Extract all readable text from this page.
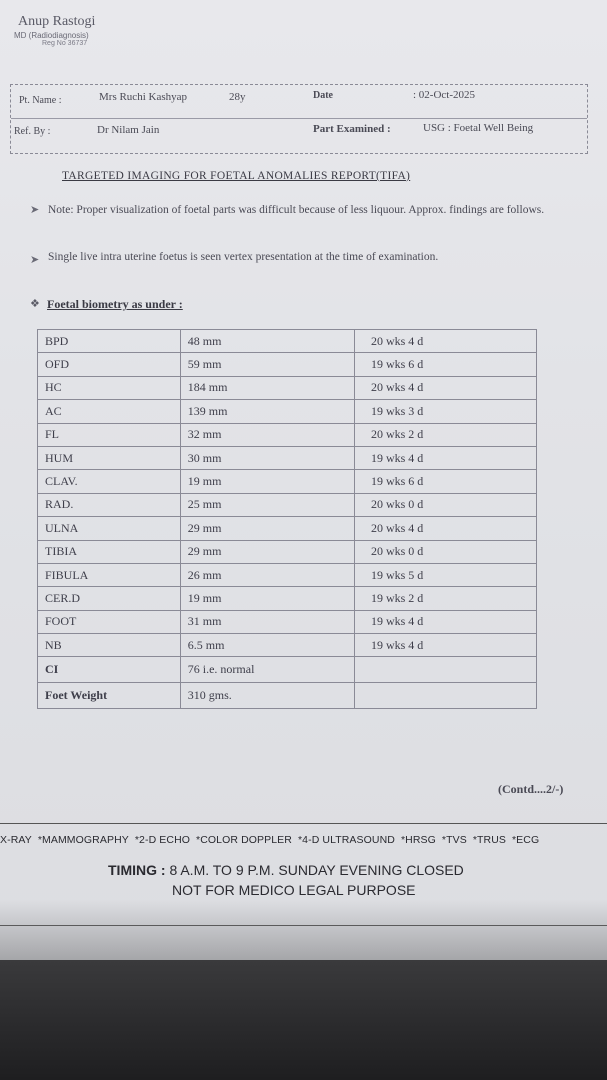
Anup Rastogi
MD (Radiodiagnosis)
Reg No 36737
Pt. Name :	Mrs Ruchi Kashyap	28y	Date	: 02-Oct-2025
Ref. By :	Dr Nilam Jain	Part Examined :	USG : Foetal Well Being
TARGETED IMAGING FOR FOETAL ANOMALIES REPORT(TIFA)
➤ Note: Proper visualization of foetal parts was difficult because of less liquour. Approx. findings are follows.
➤ Single live intra uterine foetus is seen vertex presentation at the time of examination.
❖ Foetal biometry as under :
BPD	48 mm	20 wks 4 d
OFD	59 mm	19 wks 6 d
HC	184 mm	20 wks 4 d
AC	139 mm	19 wks 3 d
FL	32 mm	20 wks 2 d
HUM	30 mm	19 wks 4 d
CLAV.	19 mm	19 wks 6 d
RAD.	25 mm	20 wks 0 d
ULNA	29 mm	20 wks 4 d
TIBIA	29 mm	20 wks 0 d
FIBULA	26 mm	19 wks 5 d
CER.D	19 mm	19 wks 2 d
FOOT	31 mm	19 wks 4 d
NB	6.5 mm	19 wks 4 d
CI	76 i.e. normal	
Foet Weight	310 gms.	
(Contd....2/-)
X-RAY *MAMMOGRAPHY *2-D ECHO *COLOR DOPPLER *4-D ULTRASOUND *HRSG *TVS *TRUS *ECG
TIMING : 8 A.M. TO 9 P.M. SUNDAY EVENING CLOSED
NOT FOR MEDICO LEGAL PURPOSE
